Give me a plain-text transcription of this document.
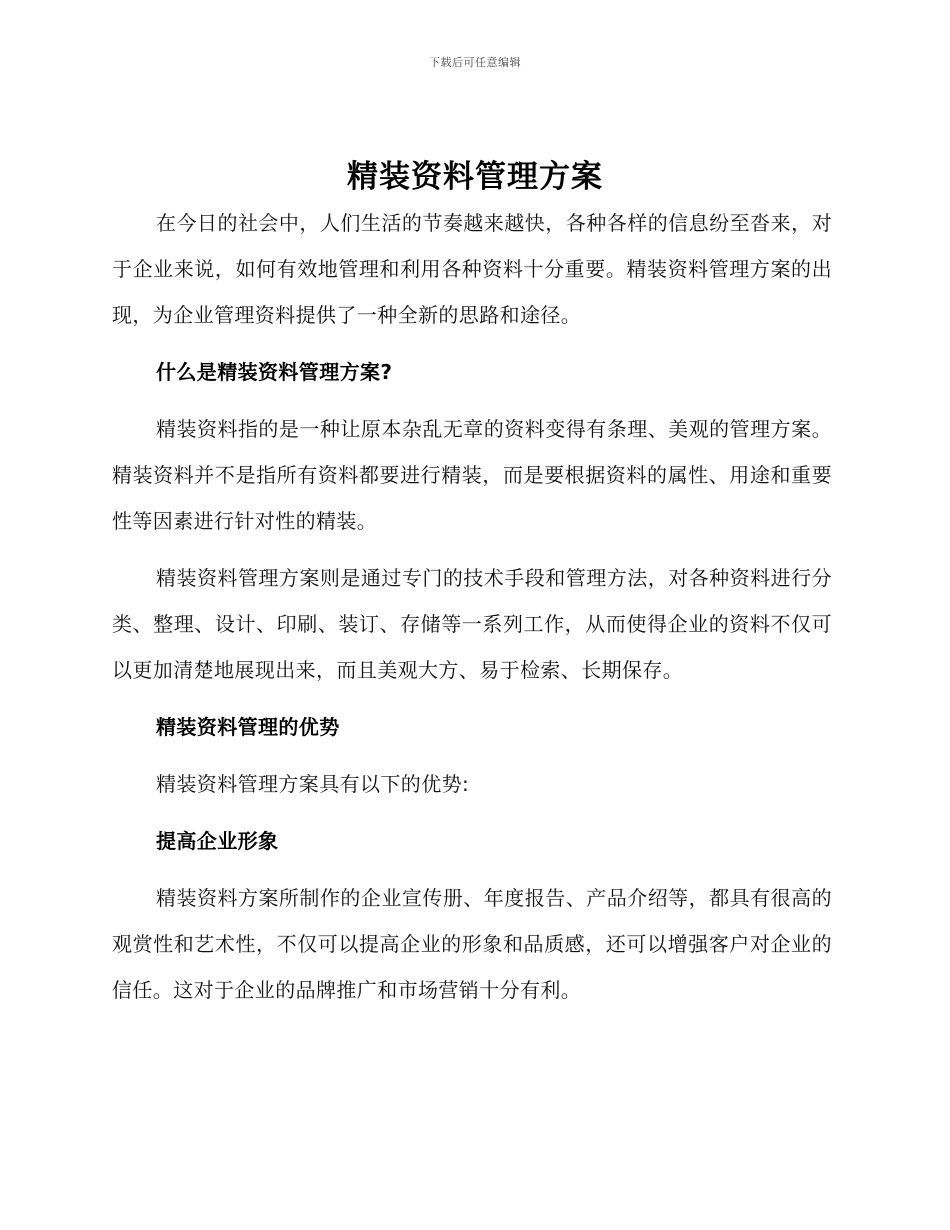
下载后可任意编辑
精装资料管理方案

在今日的社会中，人们生活的节奏越来越快，各种各样的信息纷至沓来，对于企业来说，如何有效地管理和利用各种资料十分重要。精装资料管理方案的出现，为企业管理资料提供了一种全新的思路和途径。

什么是精装资料管理方案?

精装资料指的是一种让原本杂乱无章的资料变得有条理、美观的管理方案。精装资料并不是指所有资料都要进行精装，而是要根据资料的属性、用途和重要性等因素进行针对性的精装。

精装资料管理方案则是通过专门的技术手段和管理方法，对各种资料进行分类、整理、设计、印刷、装订、存储等一系列工作，从而使得企业的资料不仅可以更加清楚地展现出来，而且美观大方、易于检索、长期保存。

精装资料管理的优势

精装资料管理方案具有以下的优势:

提高企业形象

精装资料方案所制作的企业宣传册、年度报告、产品介绍等，都具有很高的观赏性和艺术性，不仅可以提高企业的形象和品质感，还可以增强客户对企业的信任。这对于企业的品牌推广和市场营销十分有利。
